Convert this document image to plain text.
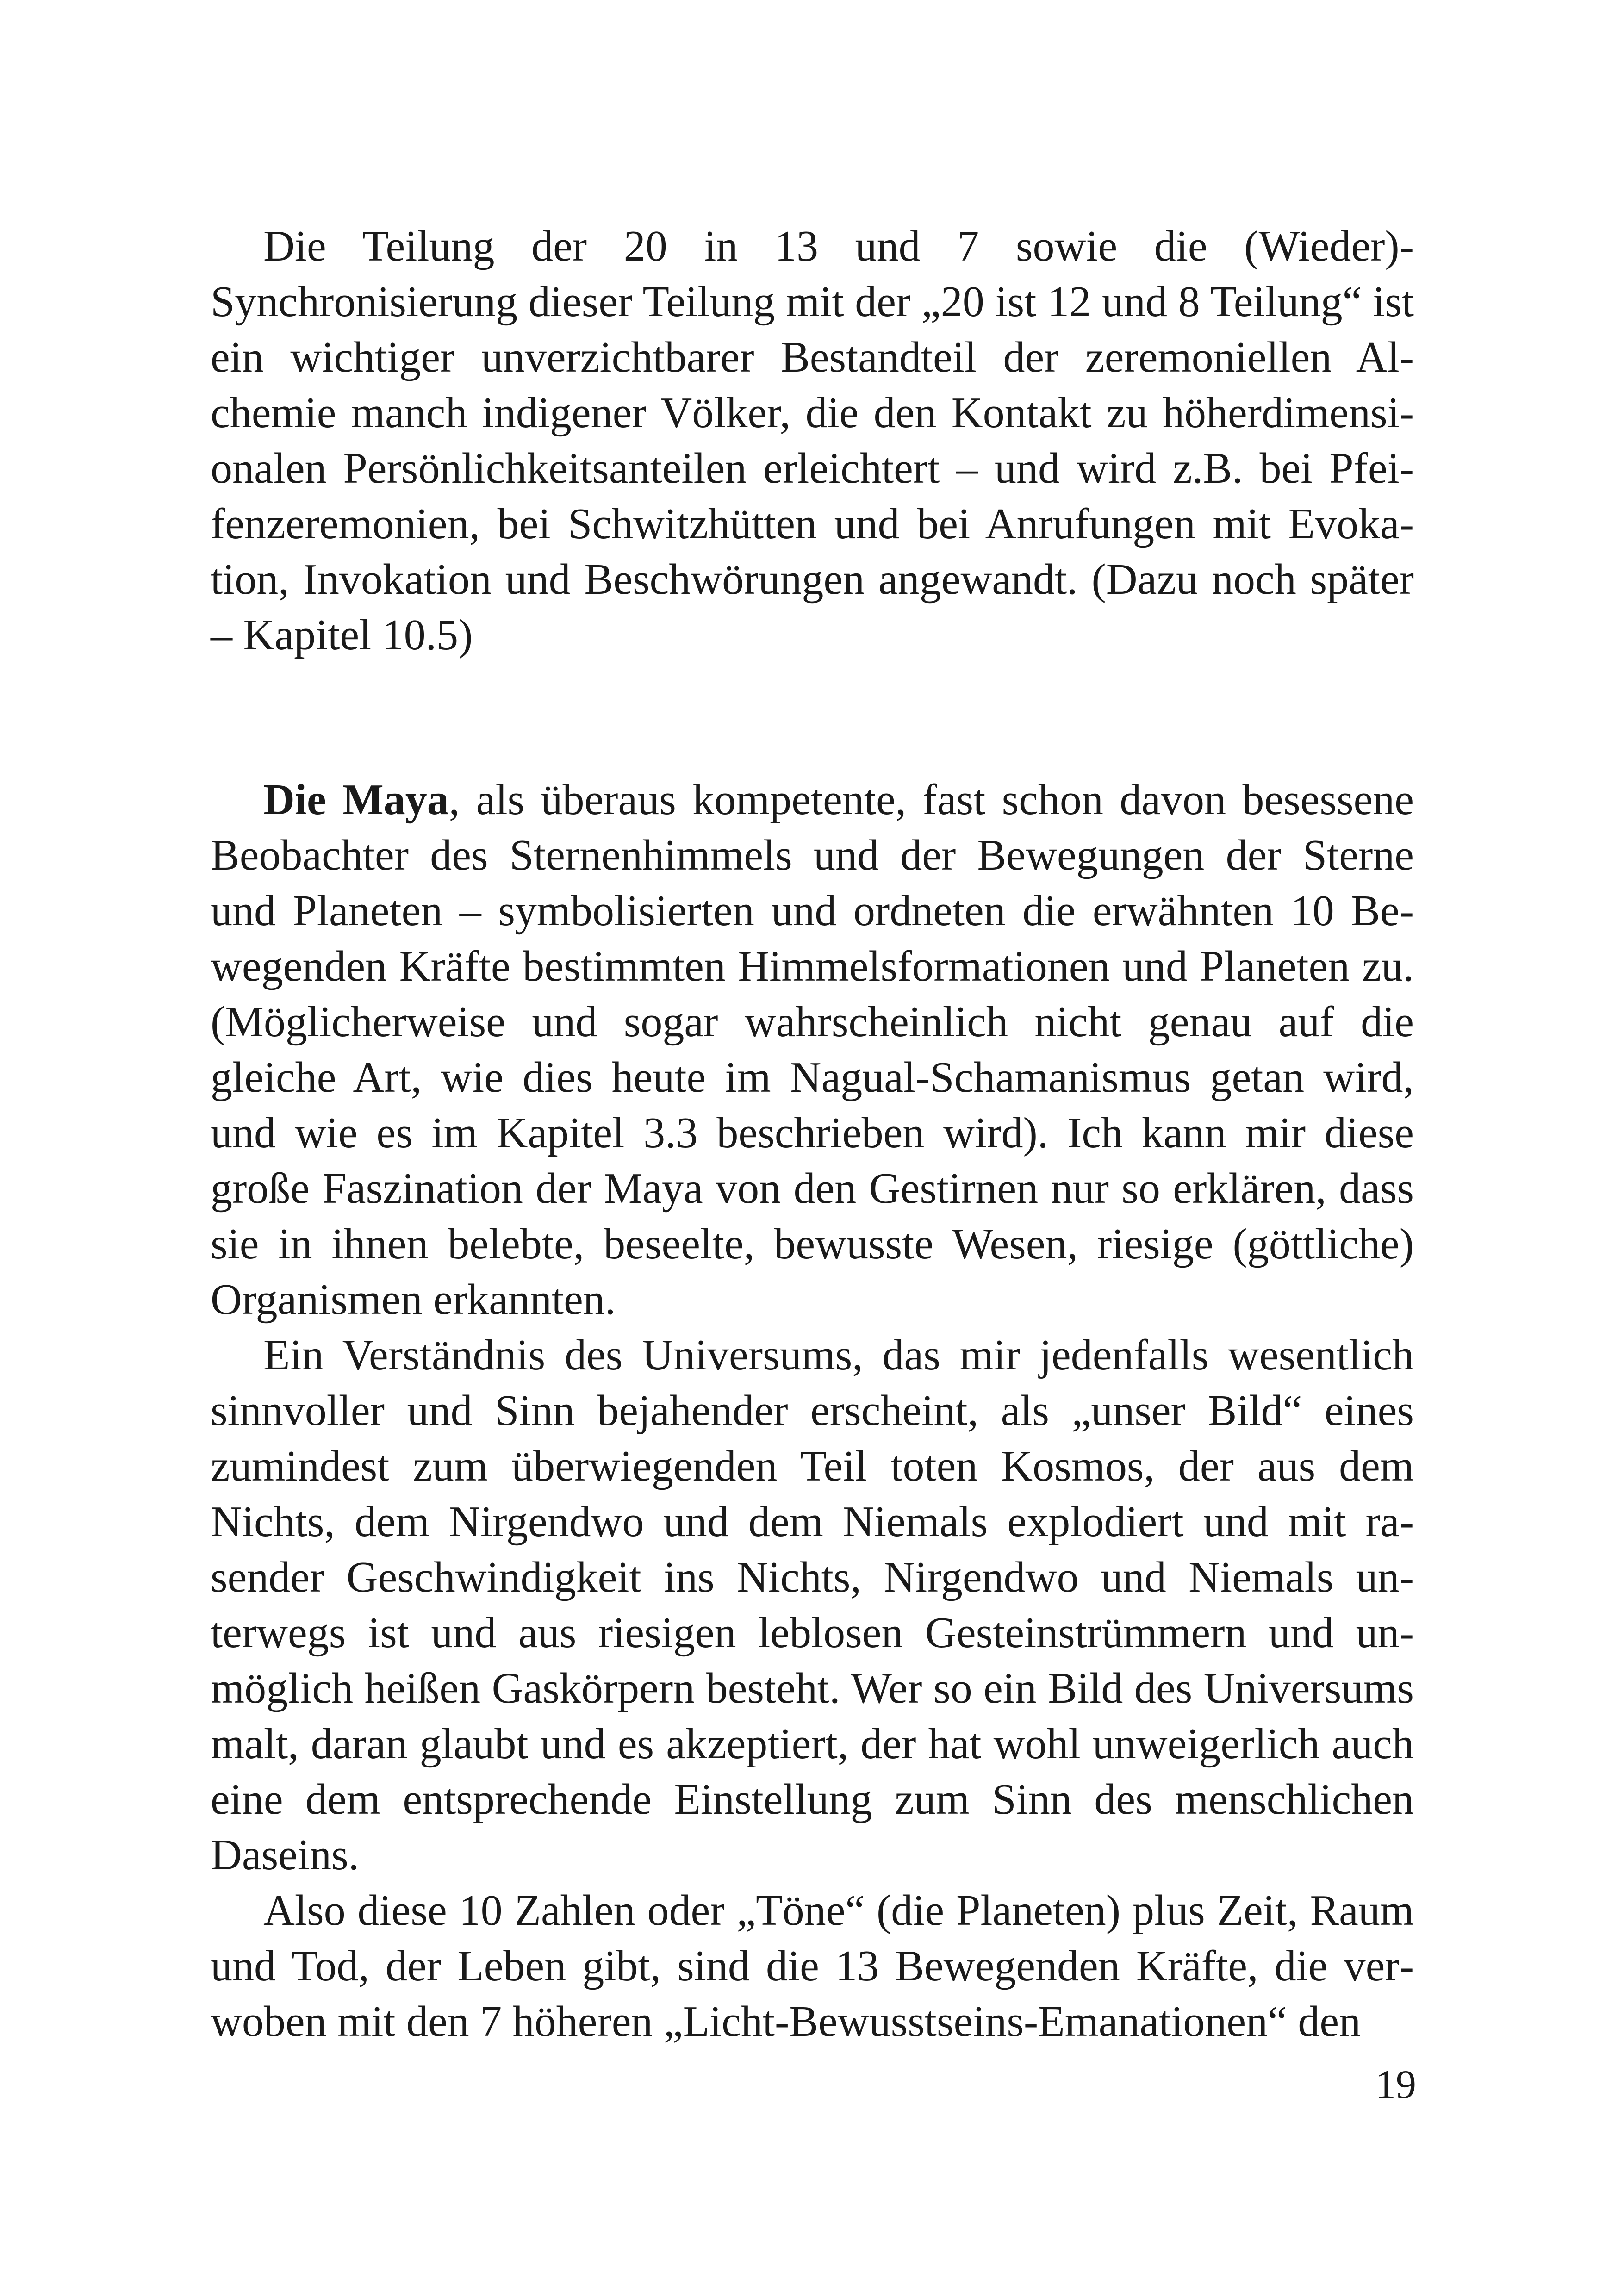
Die Teilung der 20 in 13 und 7 sowie die (Wieder)-Synchronisierung dieser Teilung mit der „20 ist 12 und 8 Teilung“ ist ein wichtiger unverzichtbarer Bestandteil der zeremoniellen Alchemie manch indigener Völker, die den Kontakt zu höherdimensionalen Persönlichkeitsanteilen erleichtert – und wird z.B. bei Pfeifenzeremonien, bei Schwitzhütten und bei Anrufungen mit Evokation, Invokation und Beschwörungen angewandt. (Dazu noch später – Kapitel 10.5)

Die Maya, als überaus kompetente, fast schon davon besessene Beobachter des Sternenhimmels und der Bewegungen der Sterne und Planeten – symbolisierten und ordneten die erwähnten 10 Bewegenden Kräfte bestimmten Himmelsformationen und Planeten zu. (Möglicherweise und sogar wahrscheinlich nicht genau auf die gleiche Art, wie dies heute im Nagual-Schamanismus getan wird, und wie es im Kapitel 3.3 beschrieben wird). Ich kann mir diese große Faszination der Maya von den Gestirnen nur so erklären, dass sie in ihnen belebte, beseelte, bewusste Wesen, riesige (göttliche) Organismen erkannten.

Ein Verständnis des Universums, das mir jedenfalls wesentlich sinnvoller und Sinn bejahender erscheint, als „unser Bild“ eines zumindest zum überwiegenden Teil toten Kosmos, der aus dem Nichts, dem Nirgendwo und dem Niemals explodiert und mit rasender Geschwindigkeit ins Nichts, Nirgendwo und Niemals unterwegs ist und aus riesigen leblosen Gesteinstrümmern und unmöglich heißen Gaskörpern besteht. Wer so ein Bild des Universums malt, daran glaubt und es akzeptiert, der hat wohl unweigerlich auch eine dem entsprechende Einstellung zum Sinn des menschlichen Daseins.

Also diese 10 Zahlen oder „Töne“ (die Planeten) plus Zeit, Raum und Tod, der Leben gibt, sind die 13 Bewegenden Kräfte, die verwoben mit den 7 höheren „Licht-Bewusstseins-Emanationen“ den

19
